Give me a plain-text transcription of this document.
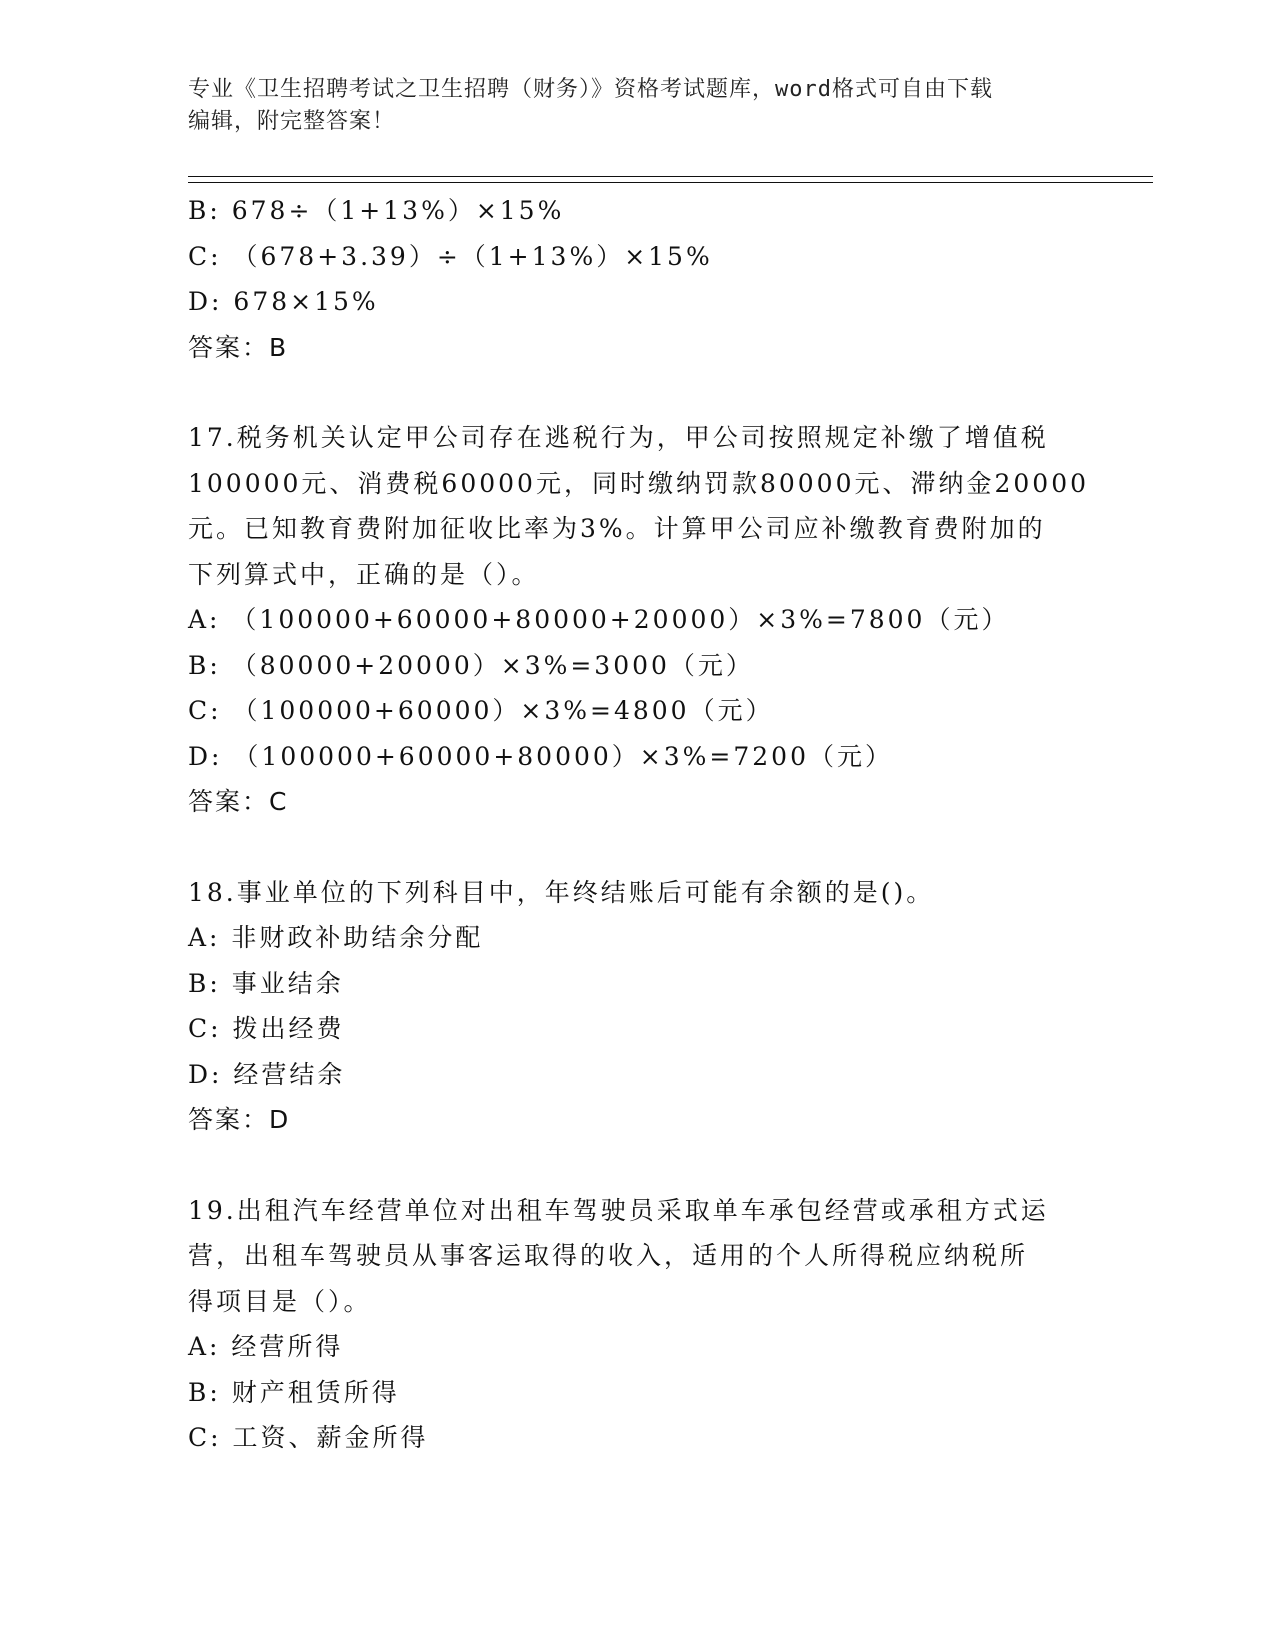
专业《卫生招聘考试之卫生招聘（财务）》资格考试题库，word格式可自由下载
编辑，附完整答案！

B: 678÷（1+13%）×15%

C: （678+3.39）÷（1+13%）×15%

D: 678×15%

答案：B

17.税务机关认定甲公司存在逃税行为，甲公司按照规定补缴了增值税

100000元、消费税60000元，同时缴纳罚款80000元、滞纳金20000

元。已知教育费附加征收比率为3%。计算甲公司应补缴教育费附加的

下列算式中，正确的是（）。

A: （100000+60000+80000+20000）×3%=7800（元）

B: （80000+20000）×3%=3000（元）

C: （100000+60000）×3%=4800（元）

D: （100000+60000+80000）×3%=7200（元）

答案：C

18.事业单位的下列科目中，年终结账后可能有余额的是()。

A: 非财政补助结余分配

B: 事业结余

C: 拨出经费

D: 经营结余

答案：D

19.出租汽车经营单位对出租车驾驶员采取单车承包经营或承租方式运

营，出租车驾驶员从事客运取得的收入，适用的个人所得税应纳税所

得项目是（）。

A: 经营所得

B: 财产租赁所得

C: 工资、薪金所得
